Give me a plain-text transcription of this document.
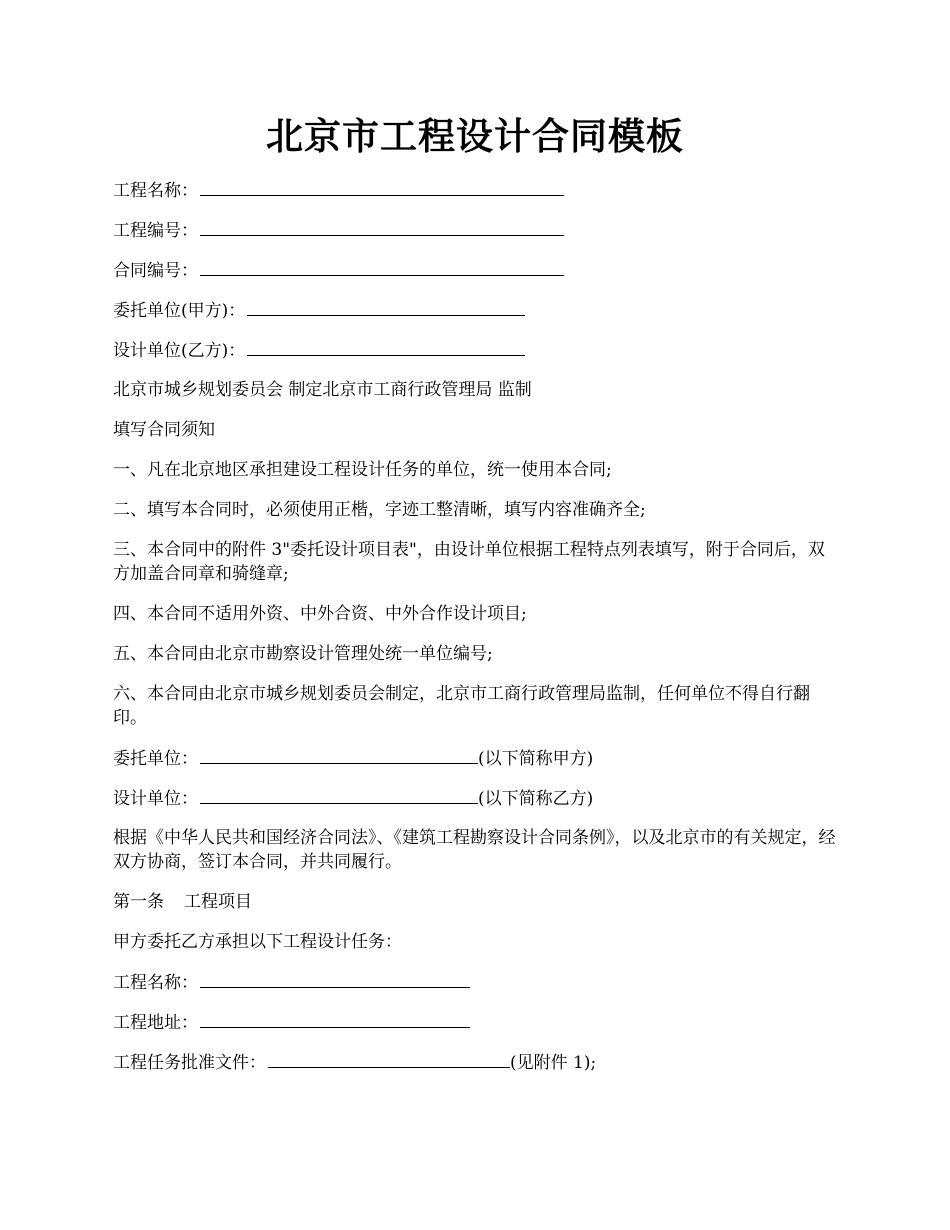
北京市工程设计合同模板

工程名称：

工程编号：

合同编号：

委托单位(甲方)：

设计单位(乙方)：

北京市城乡规划委员会 制定北京市工商行政管理局 监制

填写合同须知

一、凡在北京地区承担建设工程设计任务的单位，统一使用本合同;

二、填写本合同时，必须使用正楷，字迹工整清晰，填写内容准确齐全;

三、本合同中的附件 3"委托设计项目表"，由设计单位根据工程特点列表填写，附于合同后，双方加盖合同章和骑缝章;

四、本合同不适用外资、中外合资、中外合作设计项目;

五、本合同由北京市勘察设计管理处统一单位编号;

六、本合同由北京市城乡规划委员会制定，北京市工商行政管理局监制，任何单位不得自行翻印。

委托单位：	(以下简称甲方)

设计单位：	(以下简称乙方)

根据《中华人民共和国经济合同法》、《建筑工程勘察设计合同条例》，以及北京市的有关规定，经双方协商，签订本合同，并共同履行。

第一条 工程项目

甲方委托乙方承担以下工程设计任务：

工程名称：

工程地址：

工程任务批准文件：	(见附件 1);
